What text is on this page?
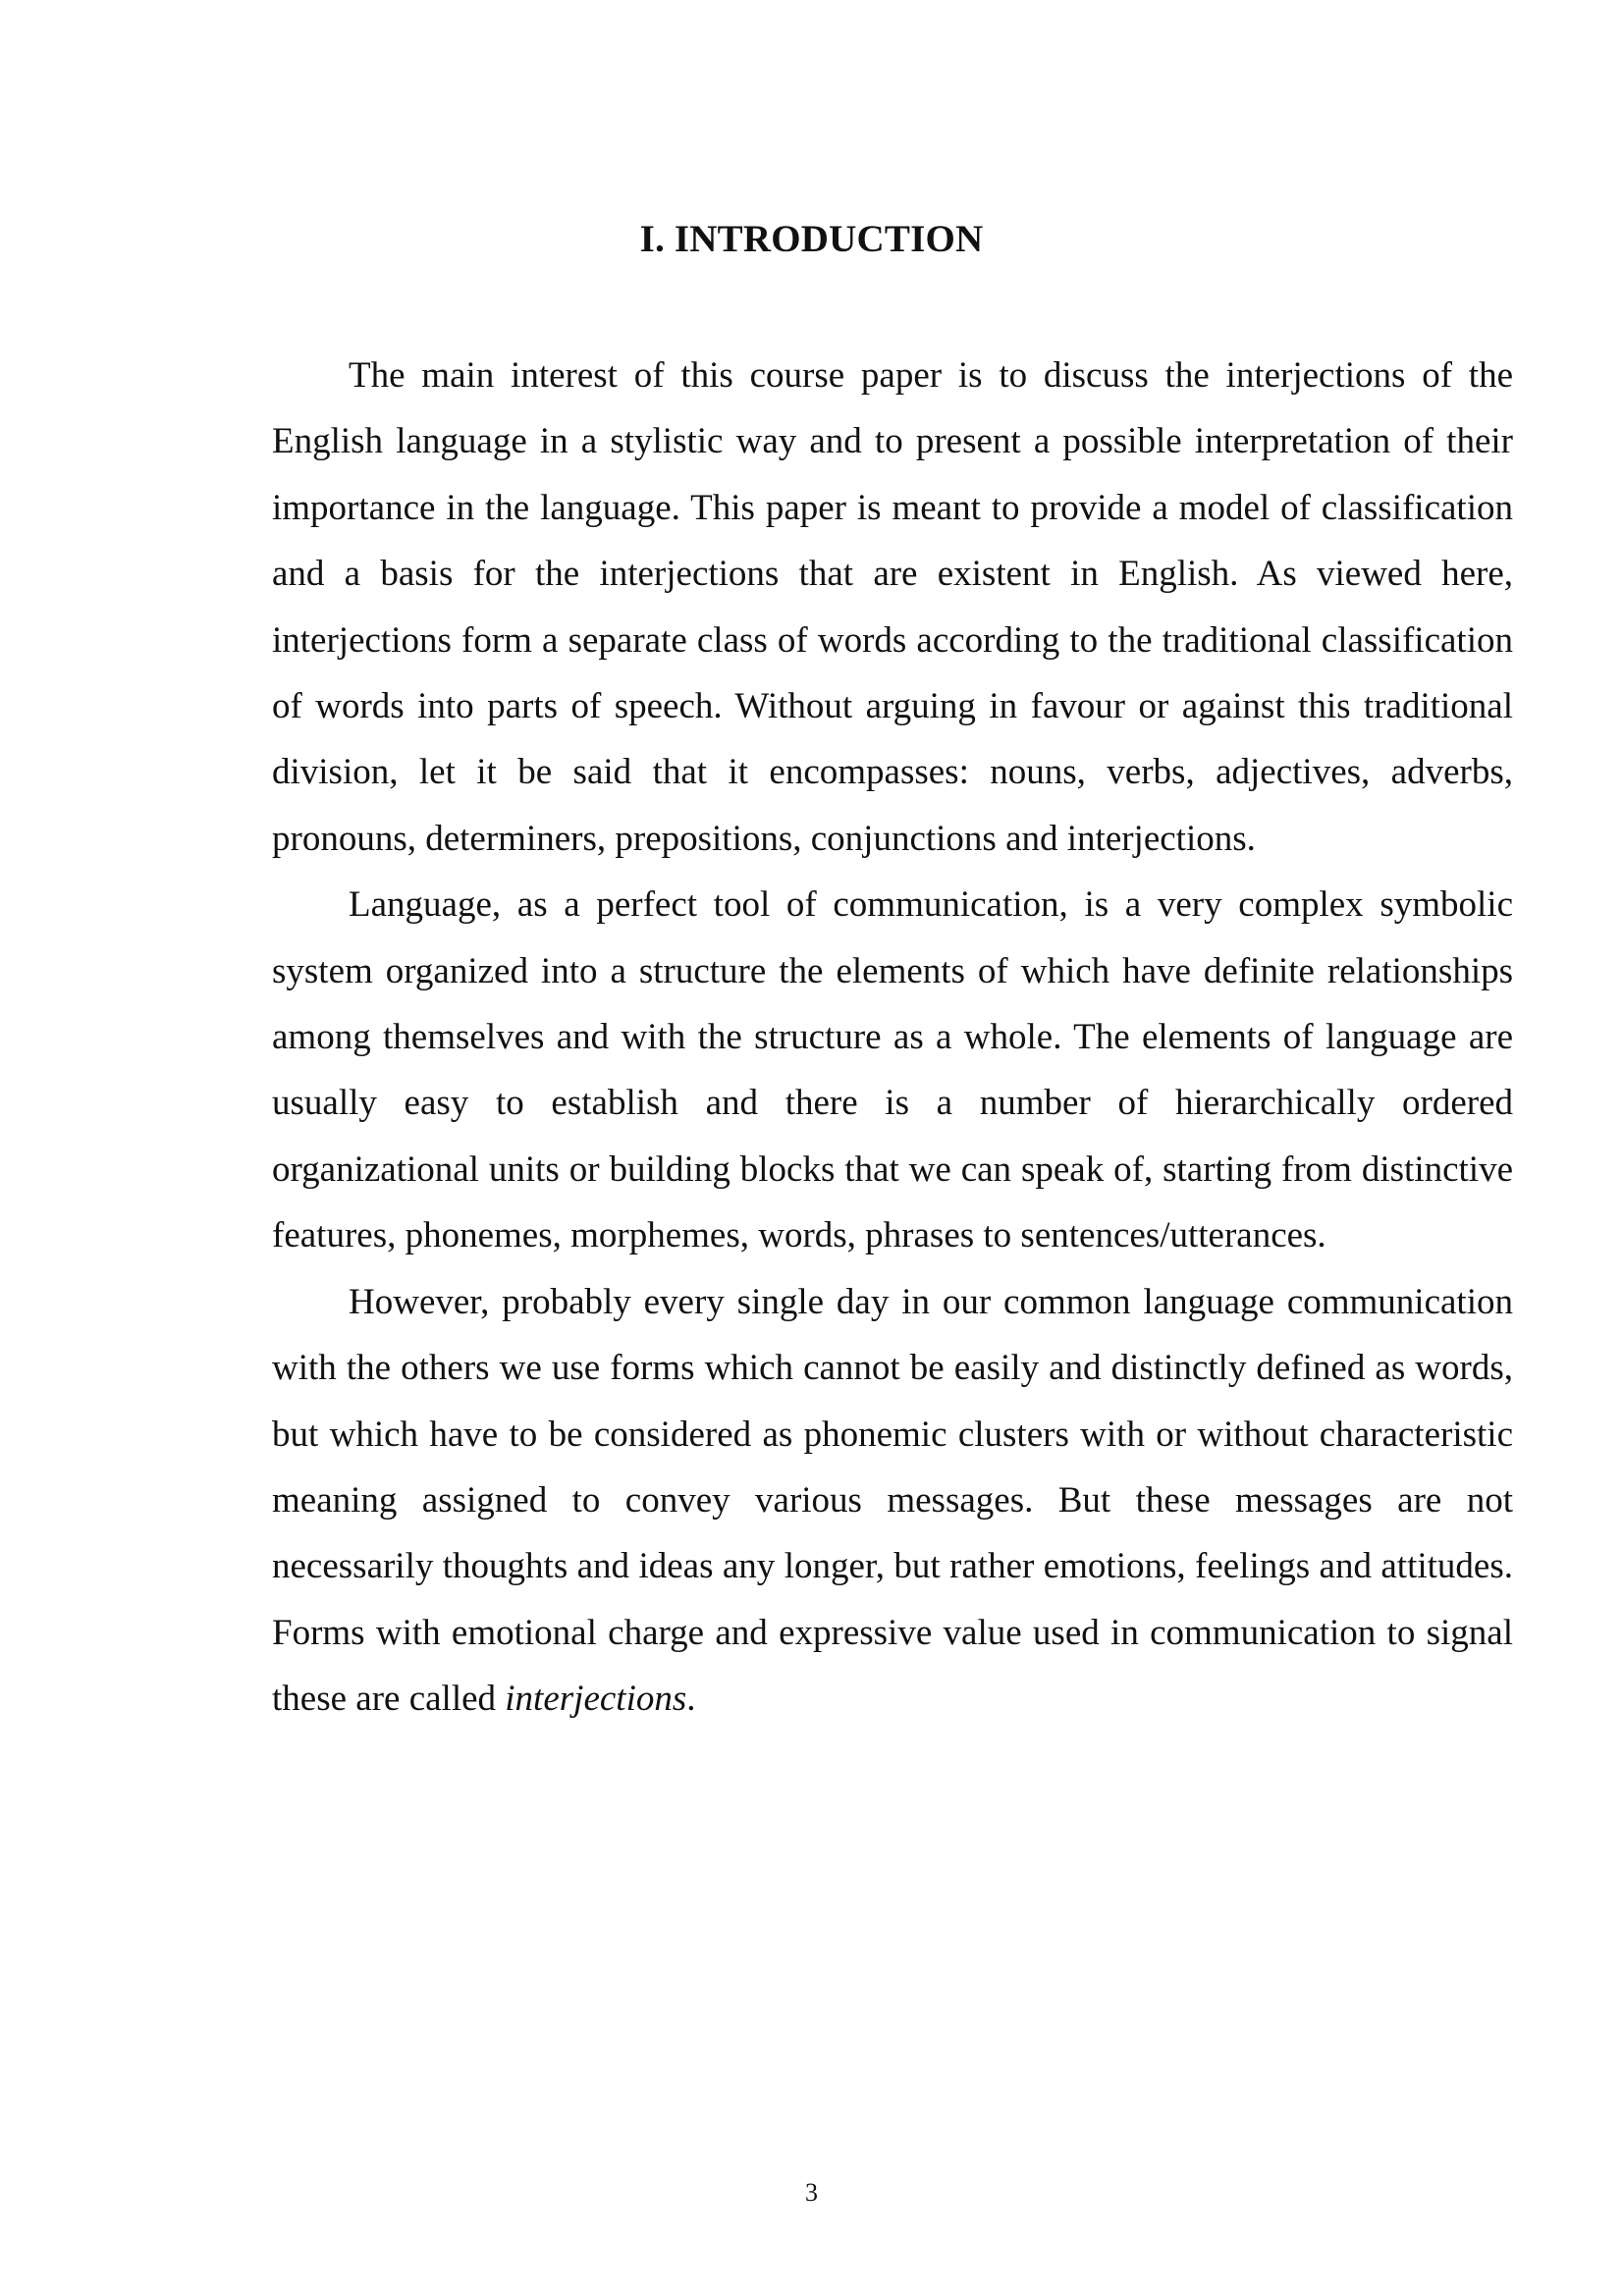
I. INTRODUCTION

The main interest of this course paper is to discuss the interjections of the English language in a stylistic way and to present a possible interpretation of their importance in the language. This paper is meant to provide a model of classification and a basis for the interjections that are existent in English. As viewed here, interjections form a separate class of words according to the traditional classification of words into parts of speech. Without arguing in favour or against this traditional division, let it be said that it encompasses: nouns, verbs, adjectives, adverbs, pronouns, determiners, prepositions, conjunctions and interjections.

Language, as a perfect tool of communication, is a very complex symbolic system organized into a structure the elements of which have definite relationships among themselves and with the structure as a whole. The elements of language are usually easy to establish and there is a number of hierarchically ordered organizational units or building blocks that we can speak of, starting from distinctive features, phonemes, morphemes, words, phrases to sentences/utterances.

However, probably every single day in our common language communication with the others we use forms which cannot be easily and distinctly defined as words, but which have to be considered as phonemic clusters with or without characteristic meaning assigned to convey various messages. But these messages are not necessarily thoughts and ideas any longer, but rather emotions, feelings and attitudes. Forms with emotional charge and expressive value used in communication to signal these are called interjections.

3
